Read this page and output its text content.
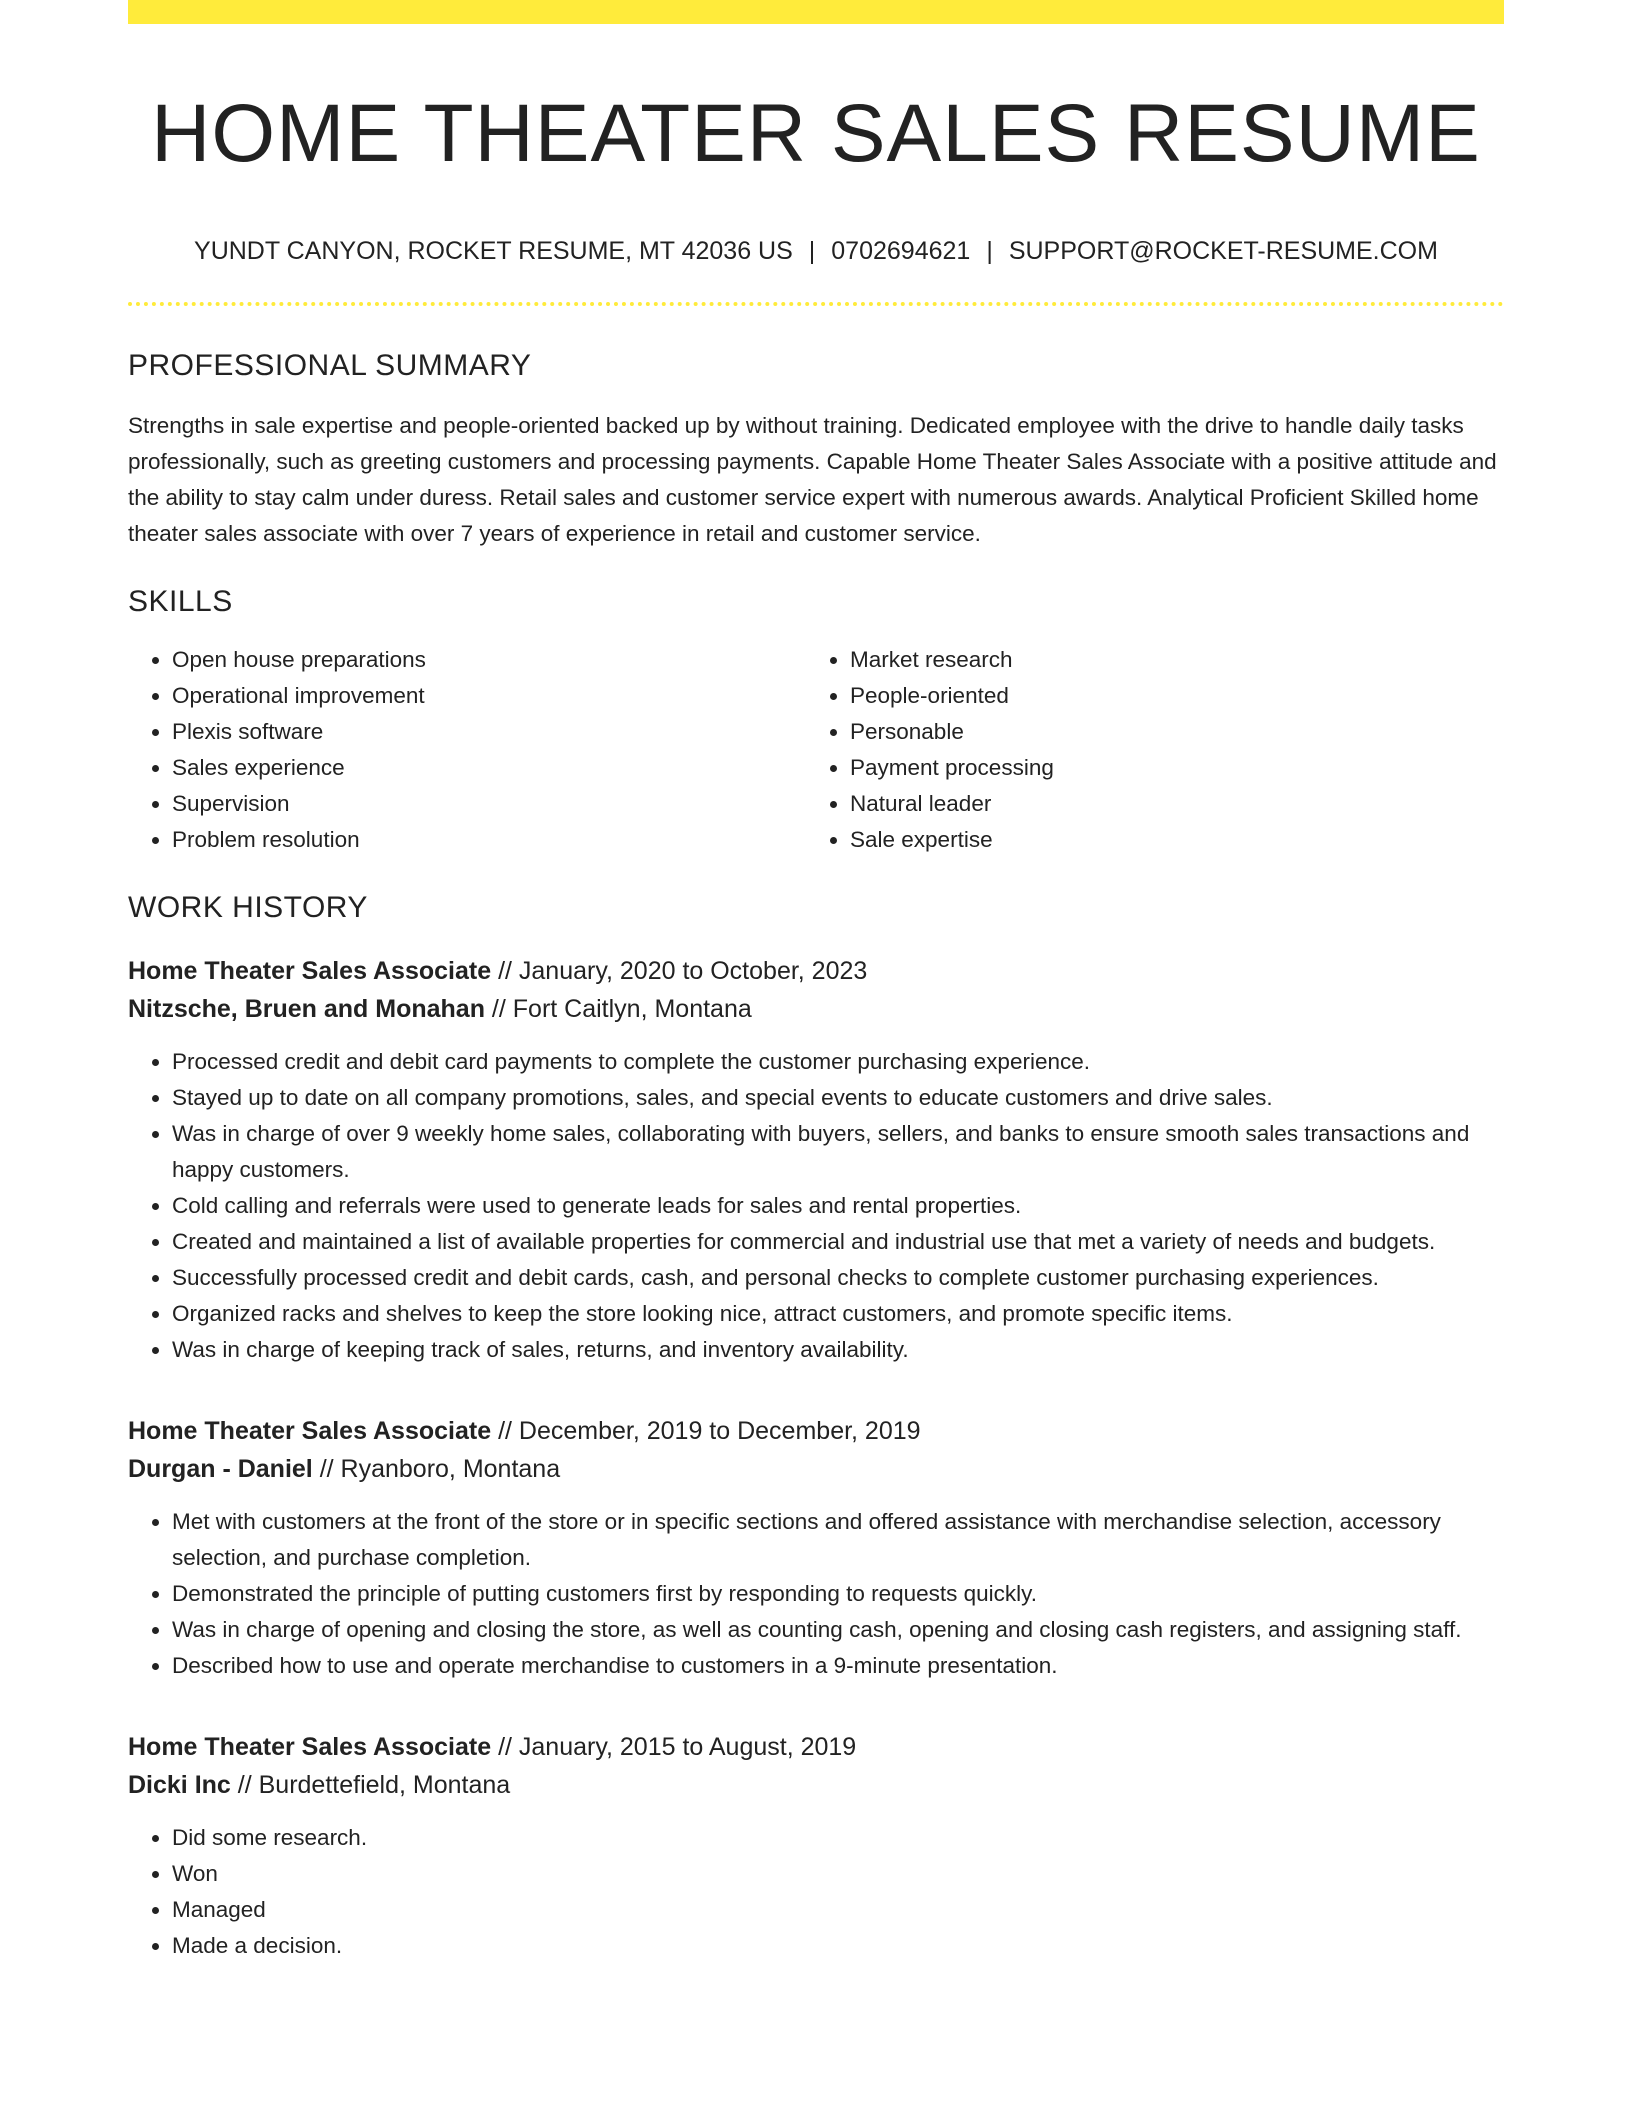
HOME THEATER SALES RESUME
YUNDT CANYON, ROCKET RESUME, MT 42036 US | 0702694621 | SUPPORT@ROCKET-RESUME.COM
PROFESSIONAL SUMMARY

Strengths in sale expertise and people-oriented backed up by without training. Dedicated employee with the drive to handle daily tasks professionally, such as greeting customers and processing payments. Capable Home Theater Sales Associate with a positive attitude and the ability to stay calm under duress. Retail sales and customer service expert with numerous awards. Analytical Proficient Skilled home theater sales associate with over 7 years of experience in retail and customer service.

SKILLS
• Open house preparations
• Operational improvement
• Plexis software
• Sales experience
• Supervision
• Problem resolution
• Market research
• People-oriented
• Personable
• Payment processing
• Natural leader
• Sale expertise
WORK HISTORY
Home Theater Sales Associate // January, 2020 to October, 2023
Nitzsche, Bruen and Monahan // Fort Caitlyn, Montana
• Processed credit and debit card payments to complete the customer purchasing experience.
• Stayed up to date on all company promotions, sales, and special events to educate customers and drive sales.
• Was in charge of over 9 weekly home sales, collaborating with buyers, sellers, and banks to ensure smooth sales transactions and happy customers.
• Cold calling and referrals were used to generate leads for sales and rental properties.
• Created and maintained a list of available properties for commercial and industrial use that met a variety of needs and budgets.
• Successfully processed credit and debit cards, cash, and personal checks to complete customer purchasing experiences.
• Organized racks and shelves to keep the store looking nice, attract customers, and promote specific items.
• Was in charge of keeping track of sales, returns, and inventory availability.
Home Theater Sales Associate // December, 2019 to December, 2019
Durgan - Daniel // Ryanboro, Montana
• Met with customers at the front of the store or in specific sections and offered assistance with merchandise selection, accessory selection, and purchase completion.
• Demonstrated the principle of putting customers first by responding to requests quickly.
• Was in charge of opening and closing the store, as well as counting cash, opening and closing cash registers, and assigning staff.
• Described how to use and operate merchandise to customers in a 9-minute presentation.
Home Theater Sales Associate // January, 2015 to August, 2019
Dicki Inc // Burdettefield, Montana
• Did some research.
• Won
• Managed
• Made a decision.
